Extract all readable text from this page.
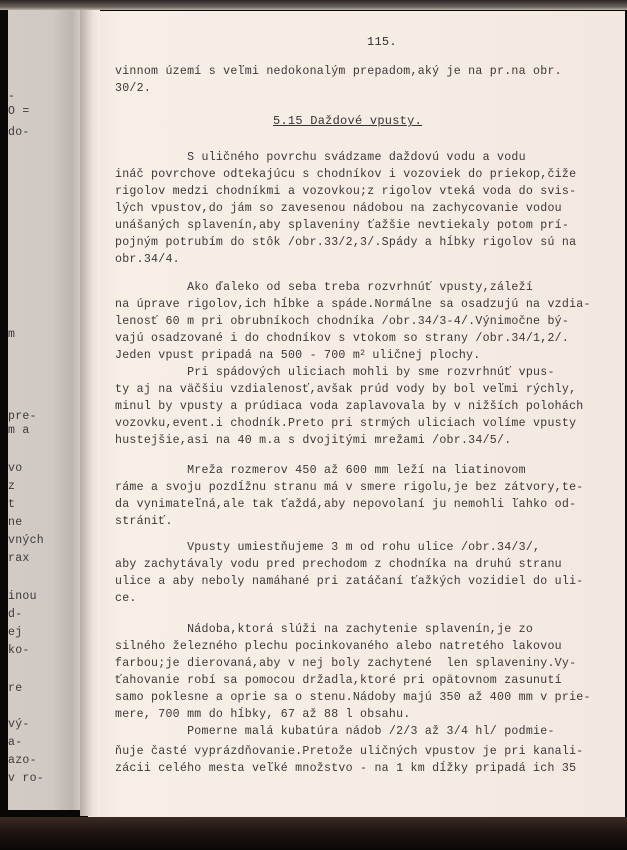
-
O =
do-
m
pre-
m a
vo
z
t
ne
vných
rax
inou
d-
ej
ko-
re
vý-
a-
azo-
v ro-
115.
vinnom území s veľmi nedokonalým prepadom,aký je na pr.na obr.
30/2.
5.15 Daždové vpusty.
S uličného povrchu svádzame daždovú vodu a vodu
ináč povrchove odtekajúcu s chodníkov i vozoviek do priekop,čiže
rigolov medzi chodníkmi a vozovkou;z rigolov vteká voda do svis-
lých vpustov,do jám so zavesenou nádobou na zachycovanie vodou
unášaných splavenín,aby splaveniny ťažšie nevtiekaly potom prí-
pojným potrubím do stôk /obr.33/2,3/.Spády a hĺbky rigolov sú na
obr.34/4.
Ako ďaleko od seba treba rozvrhnúť vpusty,záleží
na úprave rigolov,ich hĺbke a spáde.Normálne sa osadzujú na vzdia-
lenosť 60 m pri obrubníkoch chodníka /obr.34/3-4/.Výnimočne bý-
vajú osadzované i do chodníkov s vtokom so strany /obr.34/1,2/.
Jeden vpust pripadá na 500 - 700 $m^2$ uličnej plochy.
Pri spádových uliciach mohli by sme rozvrhnúť vpus-
ty aj na väčšiu vzdialenosť,avšak prúd vody by bol veľmi rýchly,
minul by vpusty a prúdiaca voda zaplavovala by v nižších polohách
vozovku,event.i chodník.Preto pri strmých uliciach volíme vpusty
hustejšie,asi na 40 m.a s dvojitými mrežami /obr.34/5/.
Mreža rozmerov 450 až 600 mm leží na liatinovom
ráme a svoju pozdĺžnu stranu má v smere rigolu,je bez zátvory,te-
da vynimateľná,ale tak ťaždá,aby nepovolaní ju nemohli ľahko od-
strániť.
Vpusty umiestňujeme 3 m od rohu ulice /obr.34/3/,
aby zachytávaly vodu pred prechodom z chodníka na druhú stranu
ulice a aby neboly namáhané pri zatáčaní ťažkých vozidiel do uli-
ce.
Nádoba,ktorá slúži na zachytenie splavenín,je zo
silného železného plechu pocinkovaného alebo natretého lakovou
farbou;je dierovaná,aby v nej boly zachytené  len splaveniny.Vy-
ťahovanie robí sa pomocou držadla,ktoré pri opätovnom zasunutí
samo poklesne a oprie sa o stenu.Nádoby majú 350 až 400 mm v prie-
mere, 700 mm do hĺbky, 67 až 88 l obsahu.
Pomerne malá kubatúra nádob /2/3 až 3/4 hl/ podmie-
ňuje časté vyprázdňovanie.Pretože uličných vpustov je pri kanali-
zácii celého mesta veľké množstvo - na 1 km dĺžky pripadá ich 35
